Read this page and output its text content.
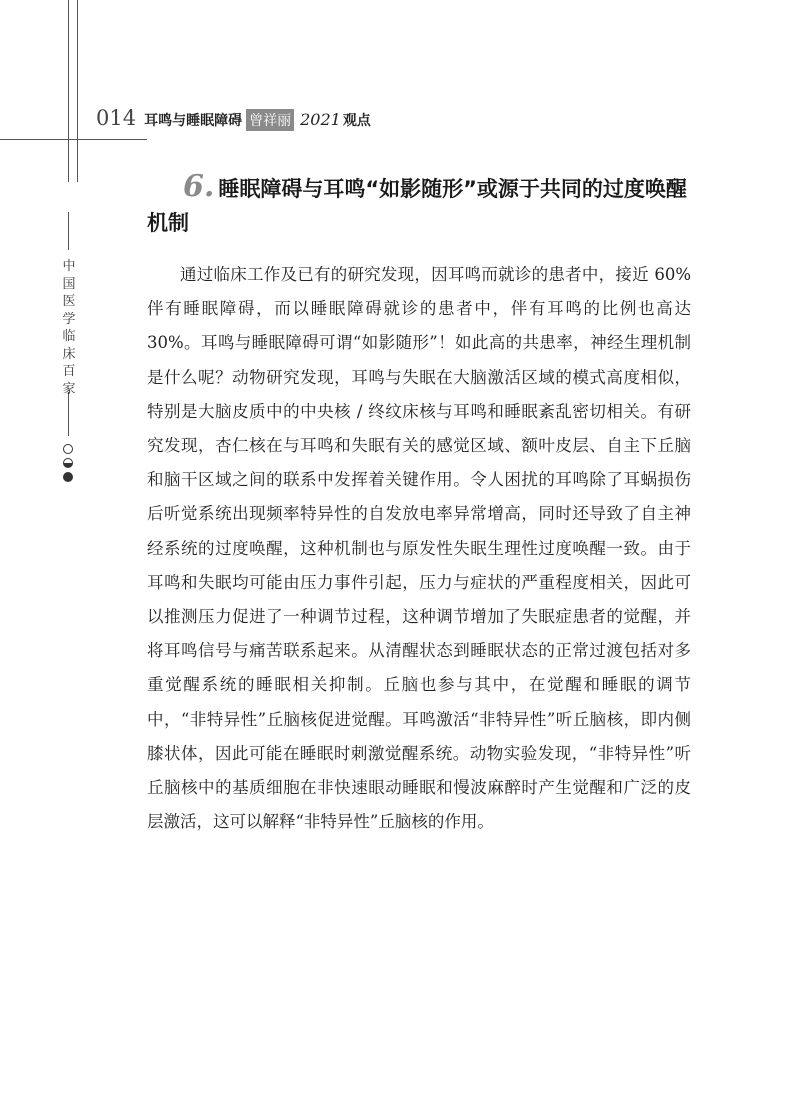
014 耳鸣与睡眠障碍 曾祥丽 2021 观点
中国医学临床百家
6. 睡眠障碍与耳鸣“如影随形”或源于共同的过度唤醒机制

通过临床工作及已有的研究发现，因耳鸣而就诊的患者中，接近 60% 伴有睡眠障碍，而以睡眠障碍就诊的患者中，伴有耳鸣的比例也高达 30%。耳鸣与睡眠障碍可谓“如影随形”！如此高的共患率，神经生理机制是什么呢？动物研究发现，耳鸣与失眠在大脑激活区域的模式高度相似，特别是大脑皮质中的中央核 / 终纹床核与耳鸣和睡眠紊乱密切相关。有研究发现，杏仁核在与耳鸣和失眠有关的感觉区域、额叶皮层、自主下丘脑和脑干区域之间的联系中发挥着关键作用。令人困扰的耳鸣除了耳蜗损伤后听觉系统出现频率特异性的自发放电率异常增高，同时还导致了自主神经系统的过度唤醒，这种机制也与原发性失眠生理性过度唤醒一致。由于耳鸣和失眠均可能由压力事件引起，压力与症状的严重程度相关，因此可以推测压力促进了一种调节过程，这种调节增加了失眠症患者的觉醒，并将耳鸣信号与痛苦联系起来。从清醒状态到睡眠状态的正常过渡包括对多重觉醒系统的睡眠相关抑制。丘脑也参与其中，在觉醒和睡眠的调节中，“非特异性”丘脑核促进觉醒。耳鸣激活“非特异性”听丘脑核，即内侧膝状体，因此可能在睡眠时刺激觉醒系统。动物实验发现，“非特异性”听丘脑核中的基质细胞在非快速眼动睡眠和慢波麻醉时产生觉醒和广泛的皮层激活，这可以解释“非特异性”丘脑核的作用。
